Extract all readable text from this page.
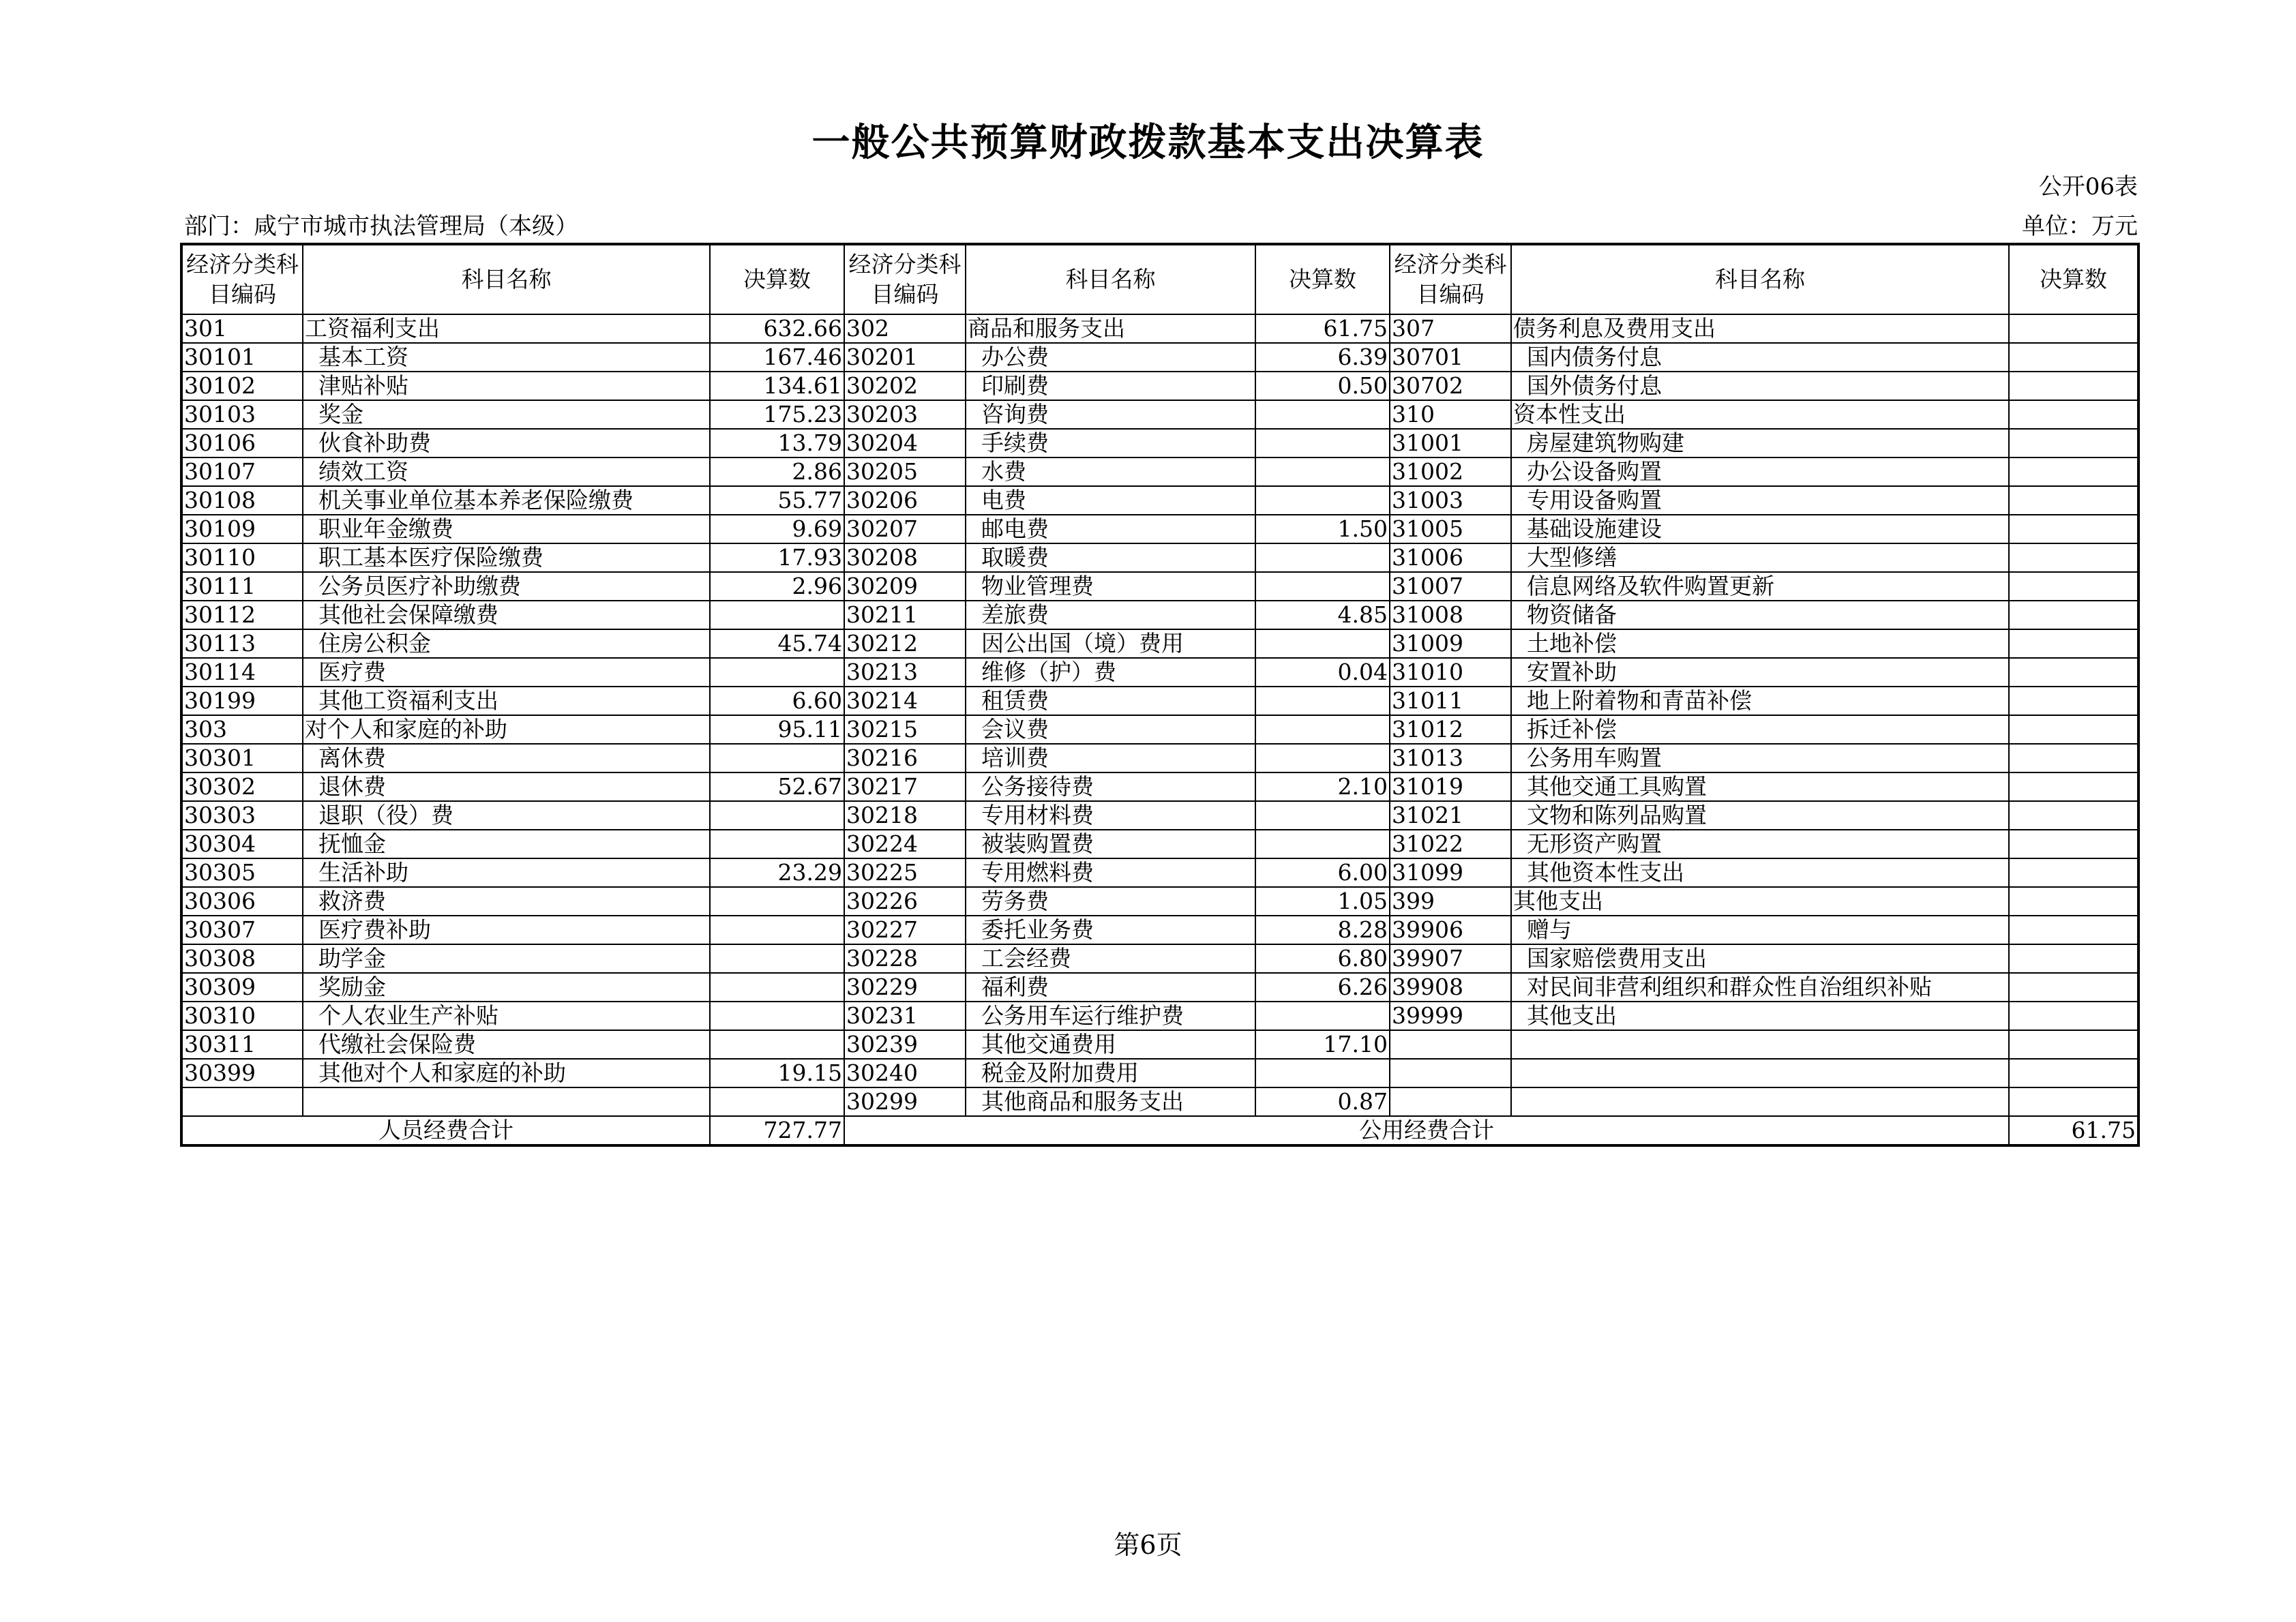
一般公共预算财政拨款基本支出决算表
公开06表
部门：咸宁市城市执法管理局（本级）	单位：万元
经济分类科目编码	科目名称	决算数	经济分类科目编码	科目名称	决算数	经济分类科目编码	科目名称	决算数
301	工资福利支出	632.66	302	商品和服务支出	61.75	307	债务利息及费用支出	
30101	基本工资	167.46	30201	办公费	6.39	30701	国内债务付息	
30102	津贴补贴	134.61	30202	印刷费	0.50	30702	国外债务付息	
30103	奖金	175.23	30203	咨询费		310	资本性支出	
30106	伙食补助费	13.79	30204	手续费		31001	房屋建筑物购建	
30107	绩效工资	2.86	30205	水费		31002	办公设备购置	
30108	机关事业单位基本养老保险缴费	55.77	30206	电费		31003	专用设备购置	
30109	职业年金缴费	9.69	30207	邮电费	1.50	31005	基础设施建设	
30110	职工基本医疗保险缴费	17.93	30208	取暖费		31006	大型修缮	
30111	公务员医疗补助缴费	2.96	30209	物业管理费		31007	信息网络及软件购置更新	
30112	其他社会保障缴费		30211	差旅费	4.85	31008	物资储备	
30113	住房公积金	45.74	30212	因公出国（境）费用		31009	土地补偿	
30114	医疗费		30213	维修（护）费	0.04	31010	安置补助	
30199	其他工资福利支出	6.60	30214	租赁费		31011	地上附着物和青苗补偿	
303	对个人和家庭的补助	95.11	30215	会议费		31012	拆迁补偿	
30301	离休费		30216	培训费		31013	公务用车购置	
30302	退休费	52.67	30217	公务接待费	2.10	31019	其他交通工具购置	
30303	退职（役）费		30218	专用材料费		31021	文物和陈列品购置	
30304	抚恤金		30224	被装购置费		31022	无形资产购置	
30305	生活补助	23.29	30225	专用燃料费	6.00	31099	其他资本性支出	
30306	救济费		30226	劳务费	1.05	399	其他支出	
30307	医疗费补助		30227	委托业务费	8.28	39906	赠与	
30308	助学金		30228	工会经费	6.80	39907	国家赔偿费用支出	
30309	奖励金		30229	福利费	6.26	39908	对民间非营利组织和群众性自治组织补贴	
30310	个人农业生产补贴		30231	公务用车运行维护费		39999	其他支出	
30311	代缴社会保险费		30239	其他交通费用	17.10			
30399	其他对个人和家庭的补助	19.15	30240	税金及附加费用				
			30299	其他商品和服务支出	0.87			
人员经费合计		727.77	公用经费合计					61.75
第6页
